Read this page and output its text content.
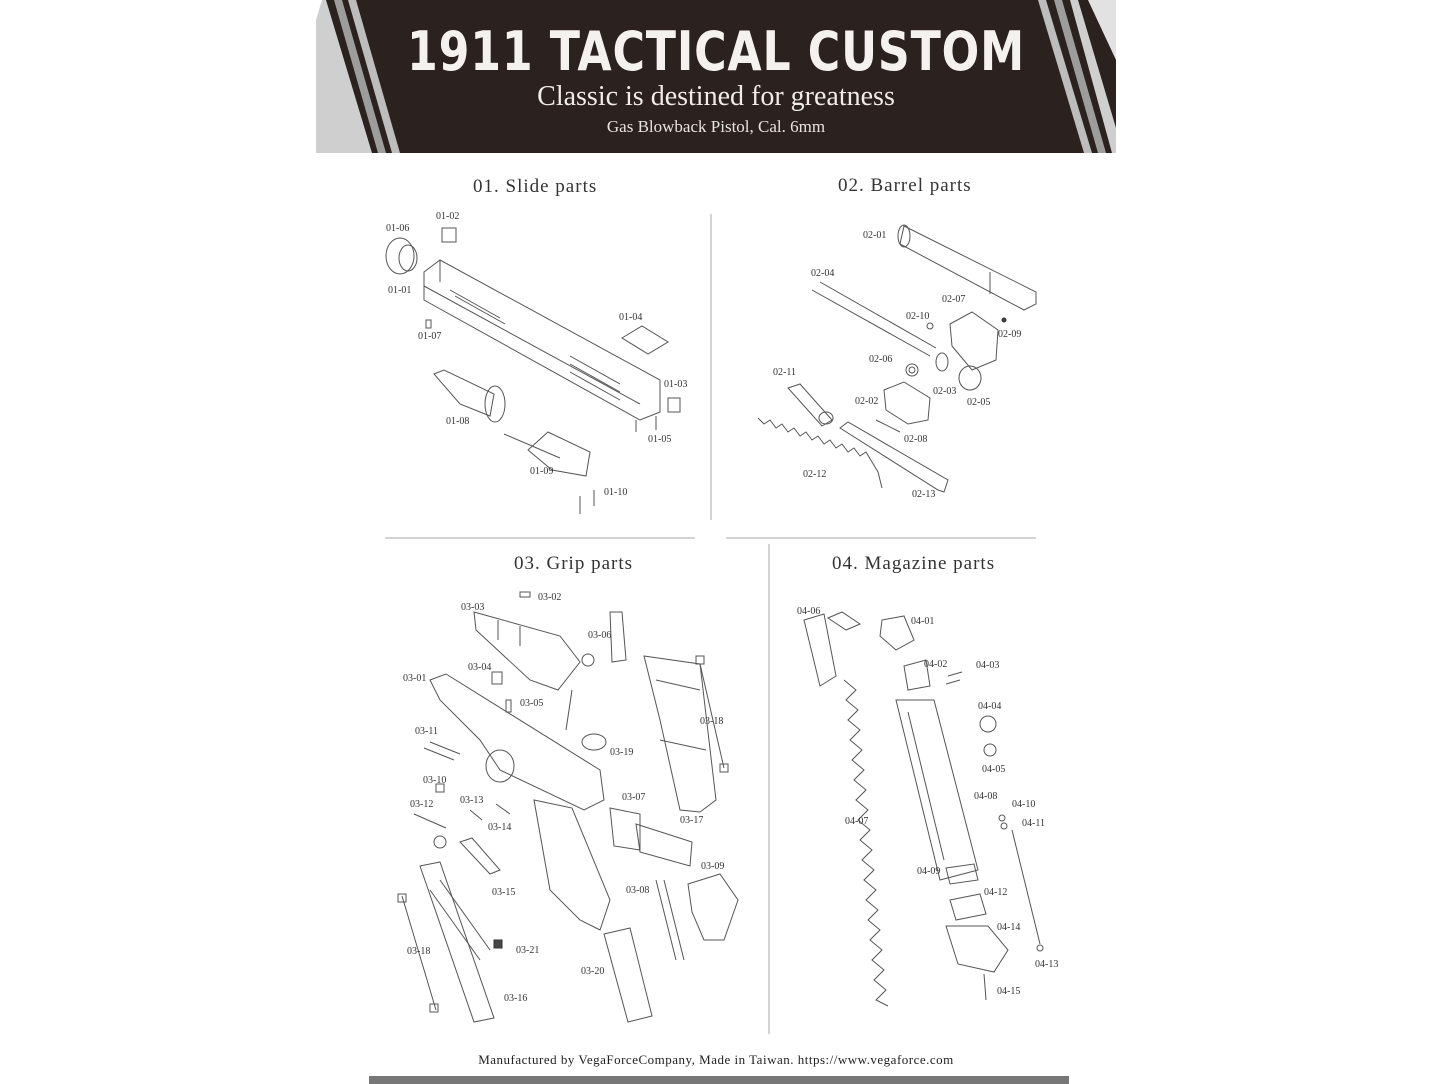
1911 TACTICAL CUSTOM
Classic is destined for greatness
Gas Blowback Pistol, Cal. 6mm
01. Slide parts	02. Barrel parts
03. Grip parts	04. Magazine parts
01-01
01-02
01-03
01-04
01-05
01-06
01-07
01-08
01-09
01-10
02-01
02-02
02-03
02-04
02-05
02-06
02-07
02-08
02-09
02-10
02-11
02-12
02-13
03-01
03-02
03-03
03-04
03-05
03-06
03-07
03-08
03-09
03-10
03-11
03-12	03-13
03-14
03-15
03-16
03-17
03-18
03-18
03-19
03-20
03-21
04-01
04-02	04-03
04-04
04-05
04-06
04-07
04-08
04-09
04-10
04-11
04-12
04-13
04-14
04-15
Manufactured by VegaForceCompany, Made in Taiwan. https://www.vegaforce.com
